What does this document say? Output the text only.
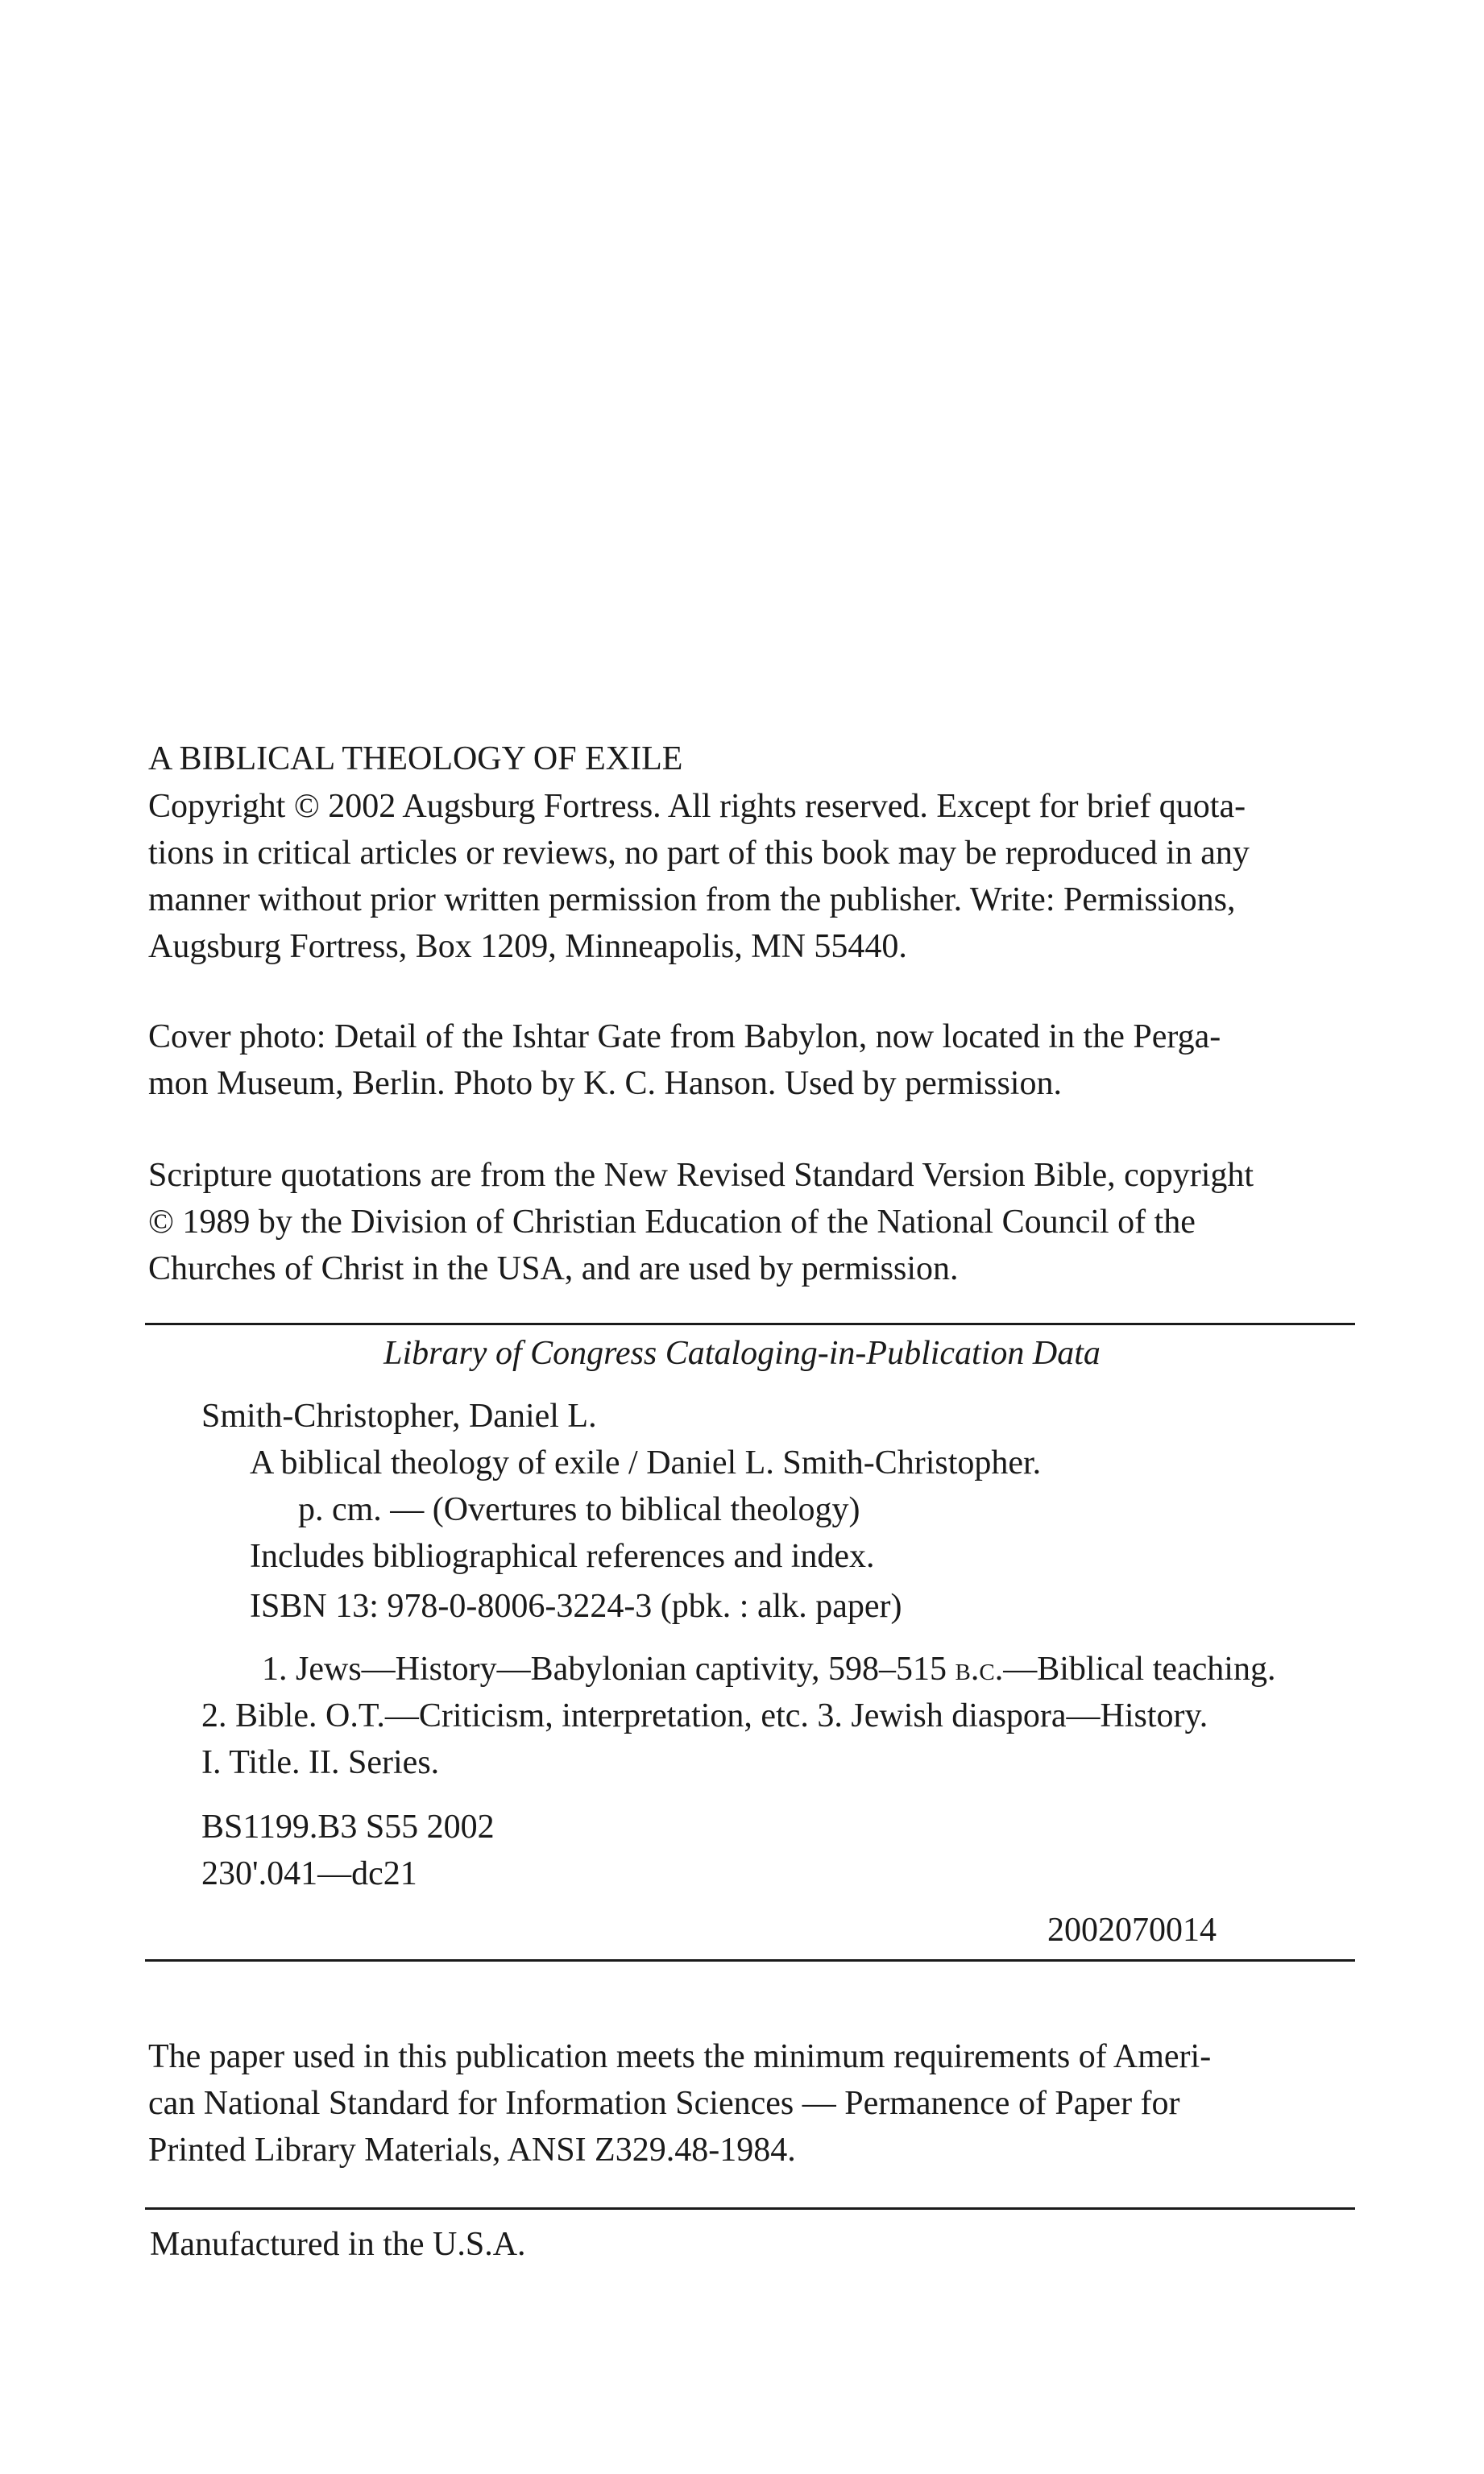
A BIBLICAL THEOLOGY OF EXILE
Copyright © 2002 Augsburg Fortress. All rights reserved. Except for brief quota-
tions in critical articles or reviews, no part of this book may be reproduced in any
manner without prior written permission from the publisher. Write: Permissions,
Augsburg Fortress, Box 1209, Minneapolis, MN 55440.
Cover photo: Detail of the Ishtar Gate from Babylon, now located in the Perga-
mon Museum, Berlin. Photo by K. C. Hanson. Used by permission.
Scripture quotations are from the New Revised Standard Version Bible, copyright
© 1989 by the Division of Christian Education of the National Council of the
Churches of Christ in the USA, and are used by permission.
Library of Congress Cataloging-in-Publication Data
Smith-Christopher, Daniel L.
A biblical theology of exile / Daniel L. Smith-Christopher.
p. cm. — (Overtures to biblical theology)
Includes bibliographical references and index.
ISBN 13: 978-0-8006-3224-3 (pbk. : alk. paper)
1. Jews—History—Babylonian captivity, 598–515 b.c.—Biblical teaching.
2. Bible. O.T.—Criticism, interpretation, etc. 3. Jewish diaspora—History.
I. Title. II. Series.
BS1199.B3 S55 2002
230'.041—dc21
2002070014
The paper used in this publication meets the minimum requirements of Ameri-
can National Standard for Information Sciences — Permanence of Paper for
Printed Library Materials, ANSI Z329.48-1984.
Manufactured in the U.S.A.
